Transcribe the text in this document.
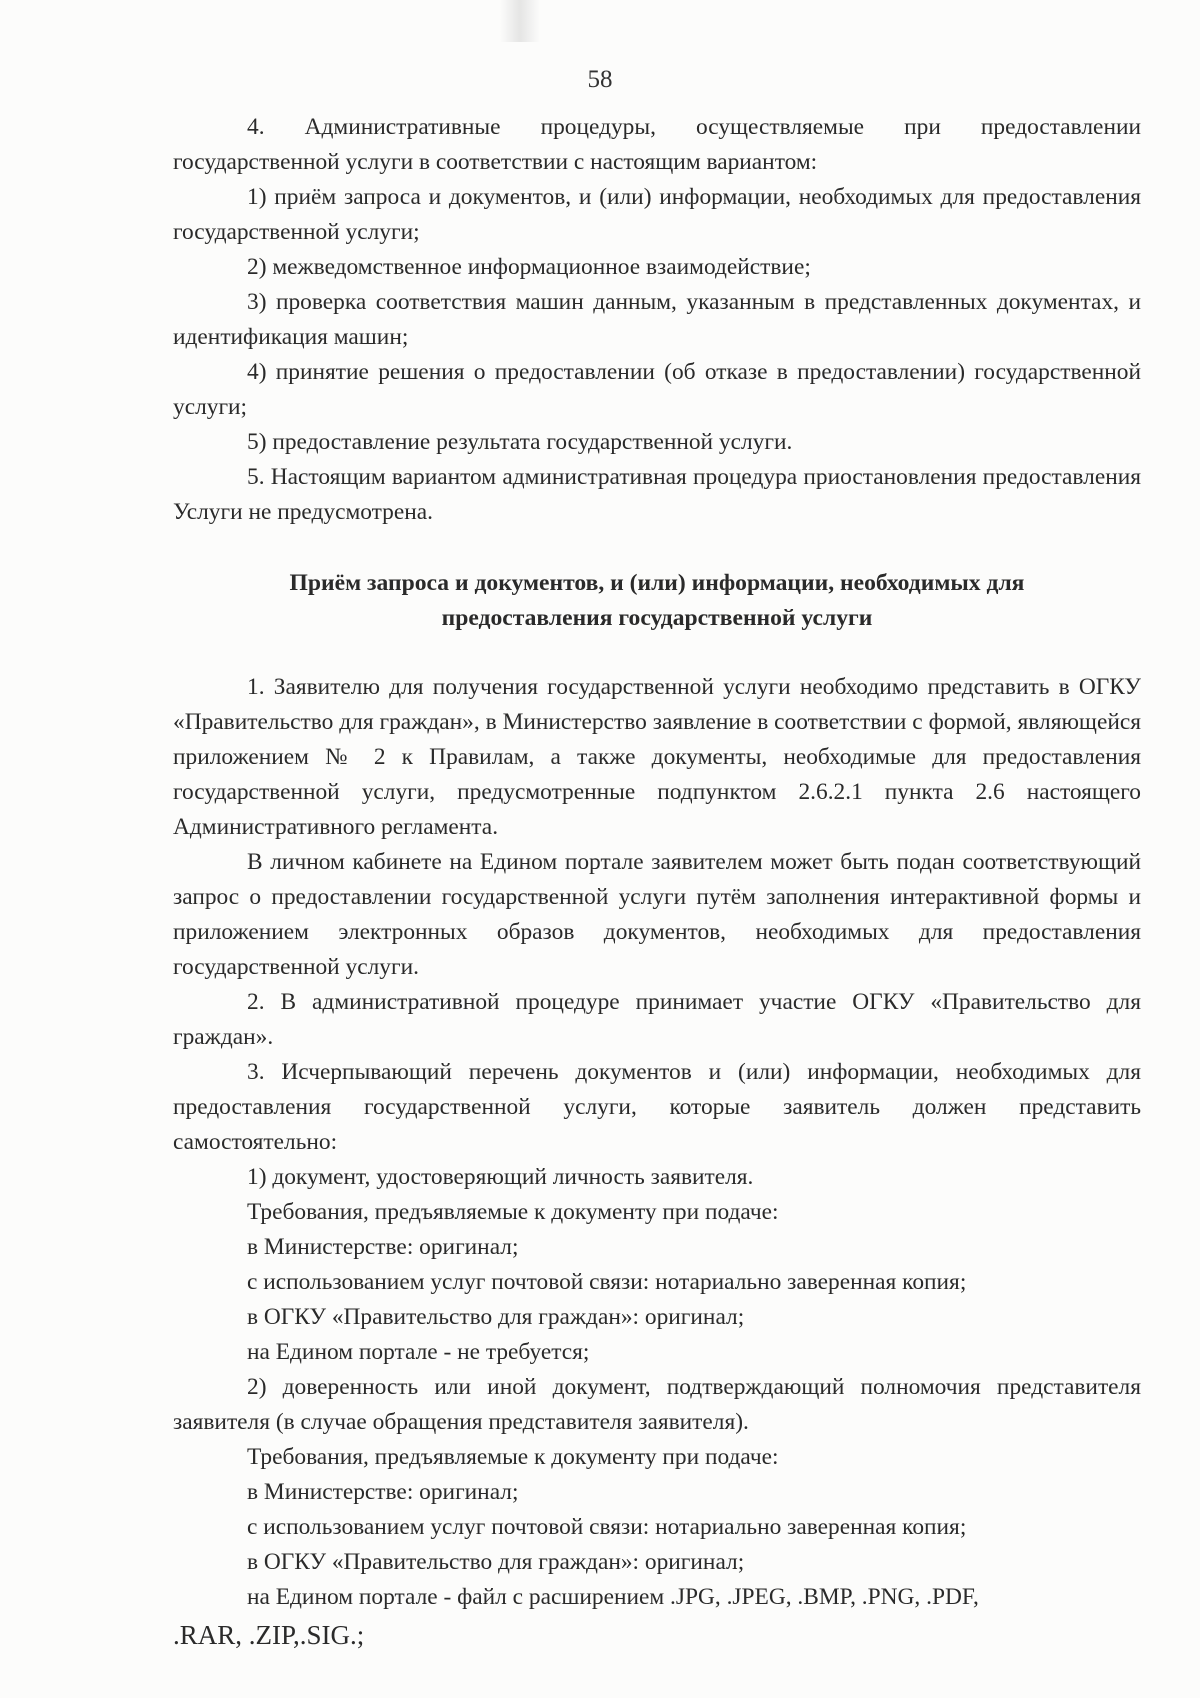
58

4. Административные процедуры, осуществляемые при предоставлении государственной услуги в соответствии с настоящим вариантом:

1) приём запроса и документов, и (или) информации, необходимых для предоставления государственной услуги;

2) межведомственное информационное взаимодействие;

3) проверка соответствия машин данным, указанным в представленных документах, и идентификация машин;

4) принятие решения о предоставлении (об отказе в предоставлении) государственной услуги;

5) предоставление результата государственной услуги.

5. Настоящим вариантом административная процедура приостановления предоставления Услуги не предусмотрена.

Приём запроса и документов, и (или) информации, необходимых для предоставления государственной услуги

1. Заявителю для получения государственной услуги необходимо представить в ОГКУ «Правительство для граждан», в Министерство заявление в соответствии с формой, являющейся приложением № 2 к Правилам, а также документы, необходимые для предоставления государственной услуги, предусмотренные подпунктом 2.6.2.1 пункта 2.6 настоящего Административного регламента.

В личном кабинете на Едином портале заявителем может быть подан соответствующий запрос о предоставлении государственной услуги путём заполнения интерактивной формы и приложением электронных образов документов, необходимых для предоставления государственной услуги.

2. В административной процедуре принимает участие ОГКУ «Правительство для граждан».

3. Исчерпывающий перечень документов и (или) информации, необходимых для предоставления государственной услуги, которые заявитель должен представить самостоятельно:

1) документ, удостоверяющий личность заявителя.

Требования, предъявляемые к документу при подаче:

в Министерстве: оригинал;

с использованием услуг почтовой связи: нотариально заверенная копия;

в ОГКУ «Правительство для граждан»: оригинал;

на Едином портале - не требуется;

2) доверенность или иной документ, подтверждающий полномочия представителя заявителя (в случае обращения представителя заявителя).

Требования, предъявляемые к документу при подаче:

в Министерстве: оригинал;

с использованием услуг почтовой связи: нотариально заверенная копия;

в ОГКУ «Правительство для граждан»: оригинал;

на Едином портале - файл с расширением .JPG, .JPEG, .BMP, .PNG, .PDF,

.RAR, .ZIP,.SIG.;
